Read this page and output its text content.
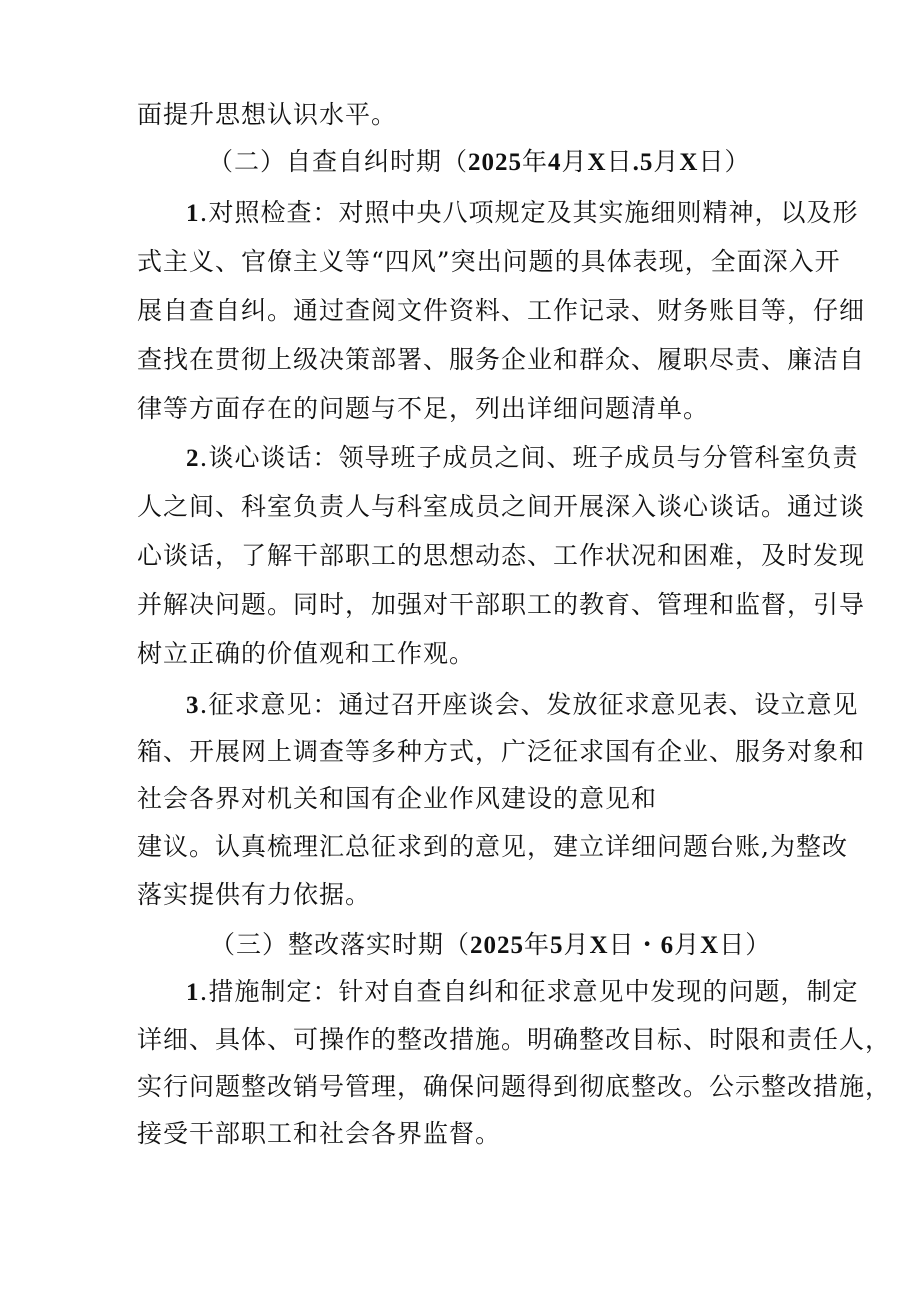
面提升思想认识水平。
（二）自查自纠时期（2025年4月X日.5月X日）
1.对照检查：对照中央八项规定及其实施细则精神，以及形
式主义、官僚主义等“四风”突出问题的具体表现，全面深入开
展自查自纠。通过查阅文件资料、工作记录、财务账目等，仔细
查找在贯彻上级决策部署、服务企业和群众、履职尽责、廉洁自
律等方面存在的问题与不足，列出详细问题清单。
2.谈心谈话：领导班子成员之间、班子成员与分管科室负责
人之间、科室负责人与科室成员之间开展深入谈心谈话。通过谈
心谈话，了解干部职工的思想动态、工作状况和困难，及时发现
并解决问题。同时，加强对干部职工的教育、管理和监督，引导
树立正确的价值观和工作观。
3.征求意见：通过召开座谈会、发放征求意见表、设立意见
箱、开展网上调查等多种方式，广泛征求国有企业、服务对象和
社会各界对机关和国有企业作风建设的意见和
建议。认真梳理汇总征求到的意见，建立详细问题台账,为整改
落实提供有力依据。
（三）整改落实时期（2025年5月X日・6月X日）
1.措施制定：针对自查自纠和征求意见中发现的问题，制定
详细、具体、可操作的整改措施。明确整改目标、时限和责任人，
实行问题整改销号管理，确保问题得到彻底整改。公示整改措施，
接受干部职工和社会各界监督。
